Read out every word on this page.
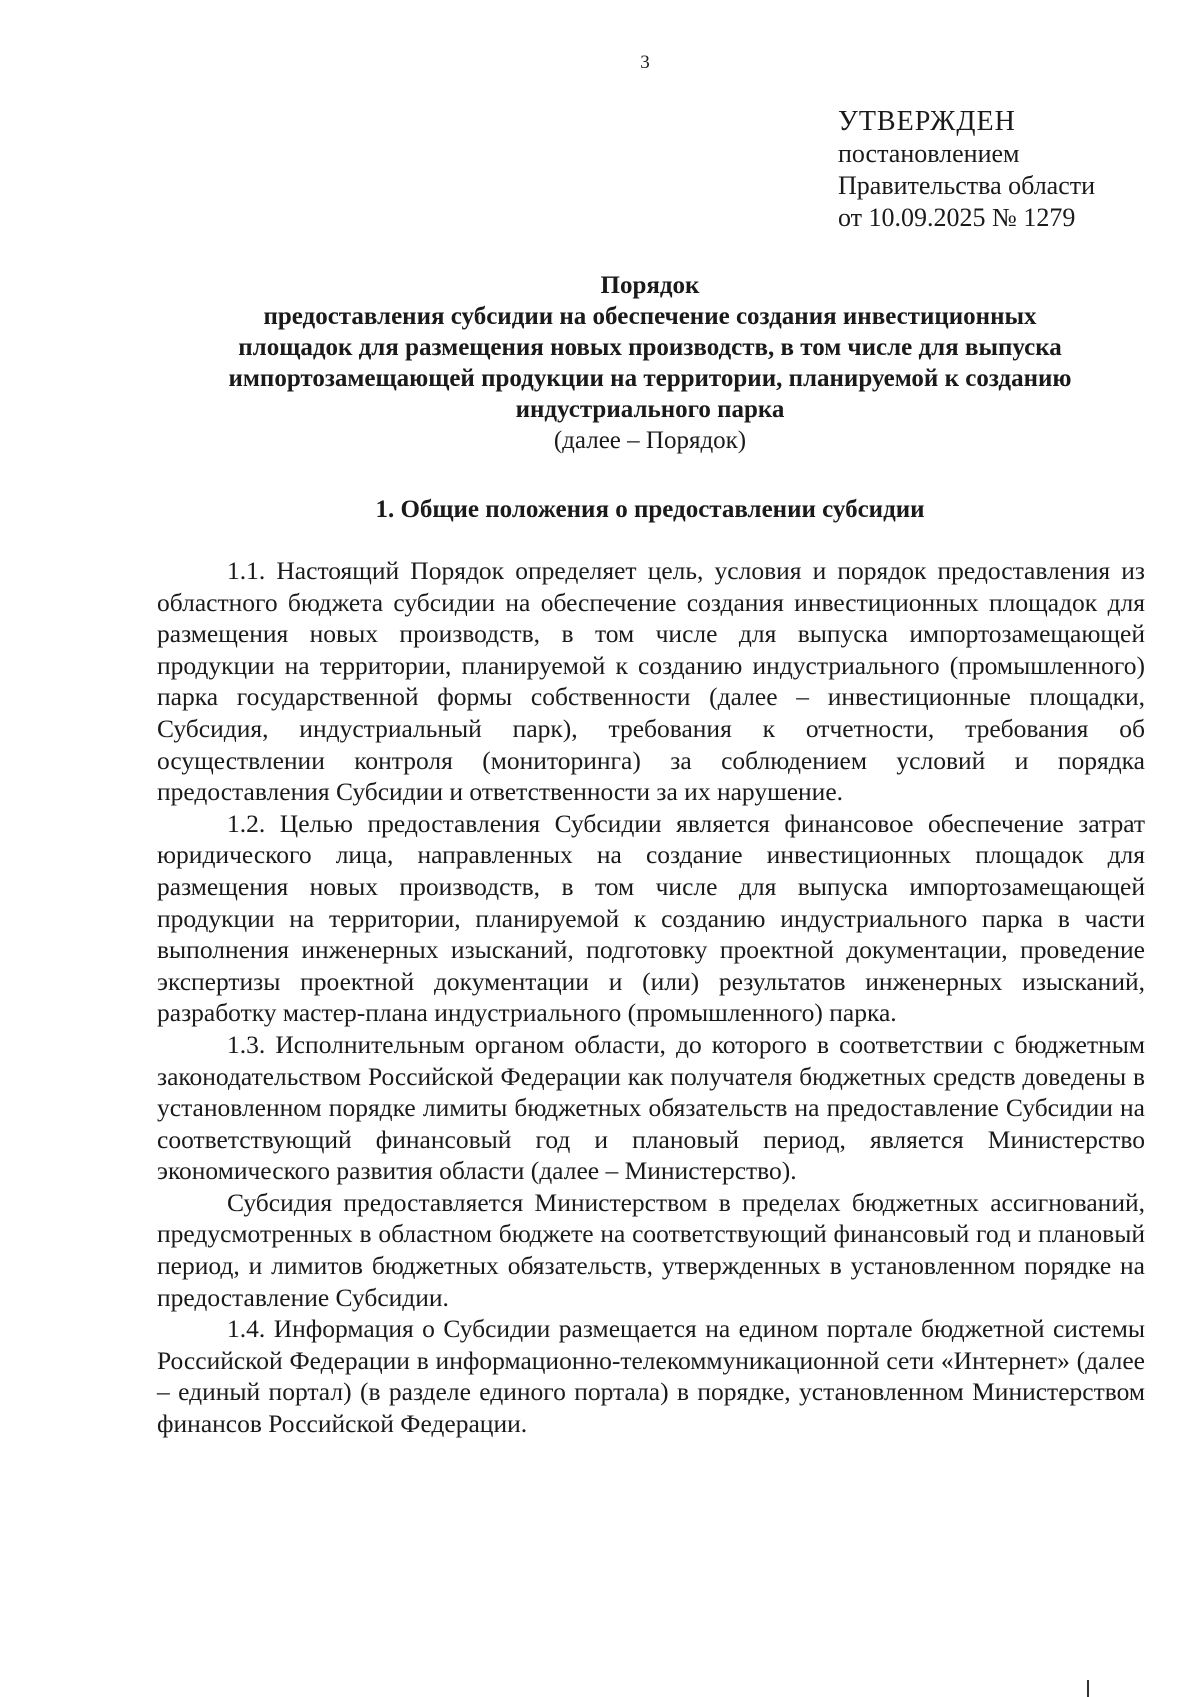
3
УТВЕРЖДЕН
постановлением
Правительства области
от 10.09.2025 № 1279
Порядок
предоставления субсидии на обеспечение создания инвестиционных
площадок для размещения новых производств, в том числе для выпуска
импортозамещающей продукции на территории, планируемой к созданию
индустриального парка
(далее – Порядок)
1. Общие положения о предоставлении субсидии

1.1. Настоящий Порядок определяет цель, условия и порядок предоставления из областного бюджета субсидии на обеспечение создания инвестиционных площадок для размещения новых производств, в том числе для выпуска импортозамещающей продукции на территории, планируемой к созданию индустриального (промышленного) парка государственной формы собственности (далее – инвестиционные площадки, Субсидия, индустриальный парк), требования к отчетности, требования об осуществлении контроля (мониторинга) за соблюдением условий и порядка предоставления Субсидии и ответственности за их нарушение.

1.2. Целью предоставления Субсидии является финансовое обеспечение затрат юридического лица, направленных на создание инвестиционных площадок для размещения новых производств, в том числе для выпуска импортозамещающей продукции на территории, планируемой к созданию индустриального парка в части выполнения инженерных изысканий, подготовку проектной документации, проведение экспертизы проектной документации и (или) результатов инженерных изысканий, разработку мастер-плана индустриального (промышленного) парка.

1.3. Исполнительным органом области, до которого в соответствии с бюджетным законодательством Российской Федерации как получателя бюджетных средств доведены в установленном порядке лимиты бюджетных обязательств на предоставление Субсидии на соответствующий финансовый год и плановый период, является Министерство экономического развития области (далее – Министерство).

Субсидия предоставляется Министерством в пределах бюджетных ассигнований, предусмотренных в областном бюджете на соответствующий финансовый год и плановый период, и лимитов бюджетных обязательств, утвержденных в установленном порядке на предоставление Субсидии.

1.4. Информация о Субсидии размещается на едином портале бюджетной системы Российской Федерации в информационно-телекоммуникационной сети «Интернет» (далее – единый портал) (в разделе единого портала) в порядке, установленном Министерством финансов Российской Федерации.
